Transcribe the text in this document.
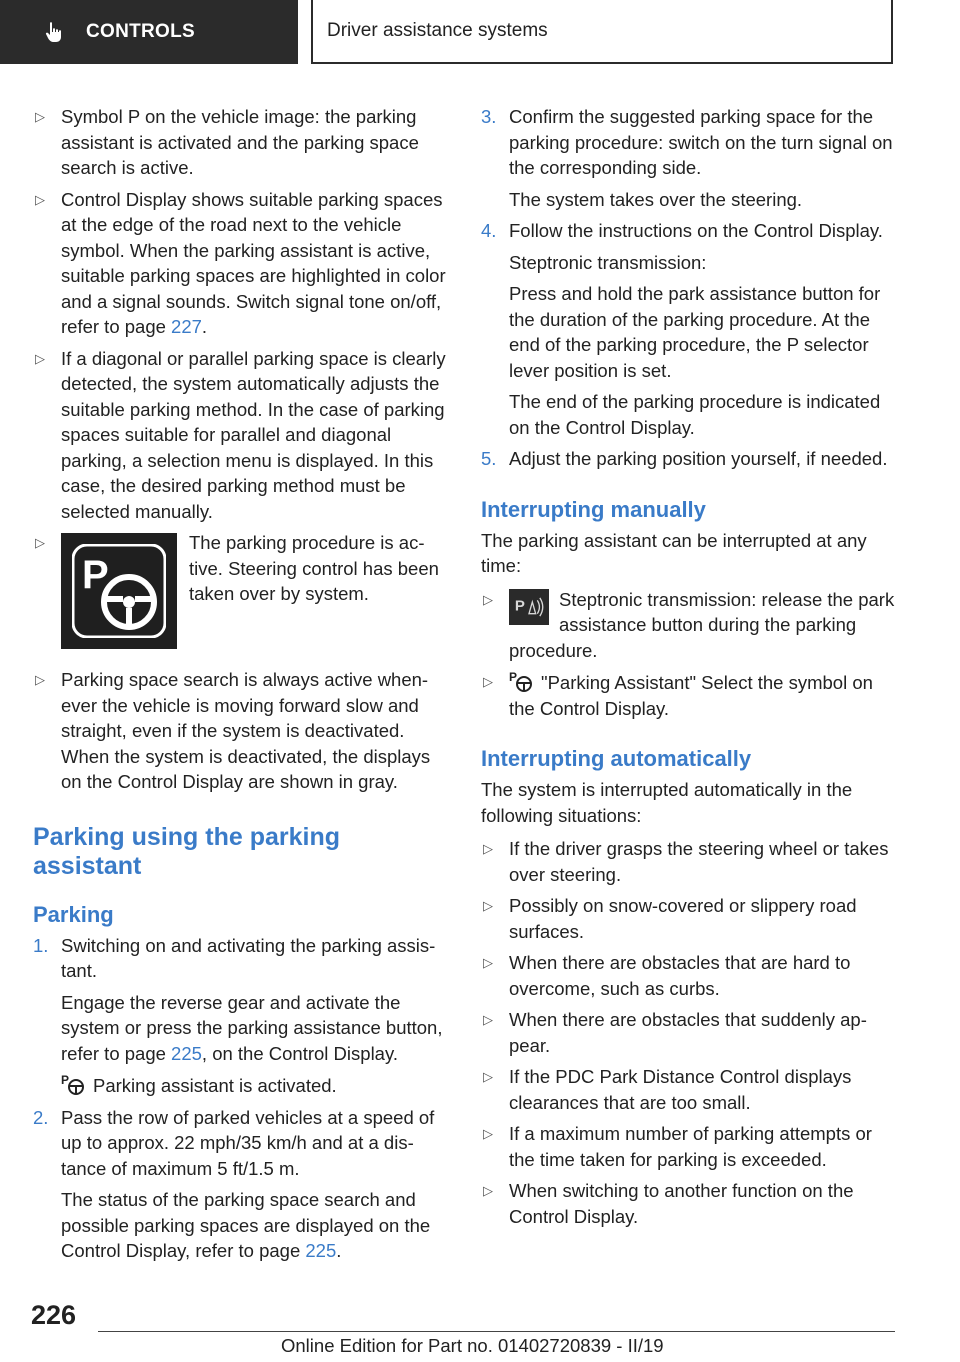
CONTROLS	Driver assistance systems
▷ Symbol P on the vehicle image: the parking assistant is activated and the parking space search is active.
▷ Control Display shows suitable parking spaces at the edge of the road next to the vehicle symbol. When the parking assistant is active, suitable parking spaces are highlighted in color and a signal sounds. Switch signal tone on/off, refer to page 227.
▷ If a diagonal or parallel parking space is clearly detected, the system automatically adjusts the suitable parking method. In the case of parking spaces suitable for parallel and diagonal parking, a selection menu is displayed. In this case, the desired parking method must be selected manually.
▷ P
The parking procedure is active. Steering control has been taken over by system.
▷ Parking space search is always active whenever the vehicle is moving forward slow and straight, even if the system is deactivated. When the system is deactivated, the displays on the Control Display are shown in gray.
Parking using the parking assistant
Parking
1. Switching on and activating the parking assistant.
Engage the reverse gear and activate the system or press the parking assistance button, refer to page 225, on the Control Display.
P Parking assistant is activated.
2. Pass the row of parked vehicles at a speed of up to approx. 22 mph/35 km/h and at a distance of maximum 5 ft/1.5 m.
The status of the parking space search and possible parking spaces are displayed on the Control Display, refer to page 225.
3. Confirm the suggested parking space for the parking procedure: switch on the turn signal on the corresponding side.
The system takes over the steering.
4. Follow the instructions on the Control Display.
Steptronic transmission:
Press and hold the park assistance button for the duration of the parking procedure. At the end of the parking procedure, the P selector lever position is set.
The end of the parking procedure is indicated on the Control Display.
5. Adjust the parking position yourself, if needed.
Interrupting manually
The parking assistant can be interrupted at any time:
▷ P Steptronic transmission: release the park assistance button during the parking procedure.
▷ P "Parking Assistant" Select the symbol on the Control Display.
Interrupting automatically
The system is interrupted automatically in the following situations:
▷ If the driver grasps the steering wheel or takes over steering.
▷ Possibly on snow-covered or slippery road surfaces.
▷ When there are obstacles that are hard to overcome, such as curbs.
▷ When there are obstacles that suddenly appear.
▷ If the PDC Park Distance Control displays clearances that are too small.
▷ If a maximum number of parking attempts or the time taken for parking is exceeded.
▷ When switching to another function on the Control Display.
226
Online Edition for Part no. 01402720839 - II/19
